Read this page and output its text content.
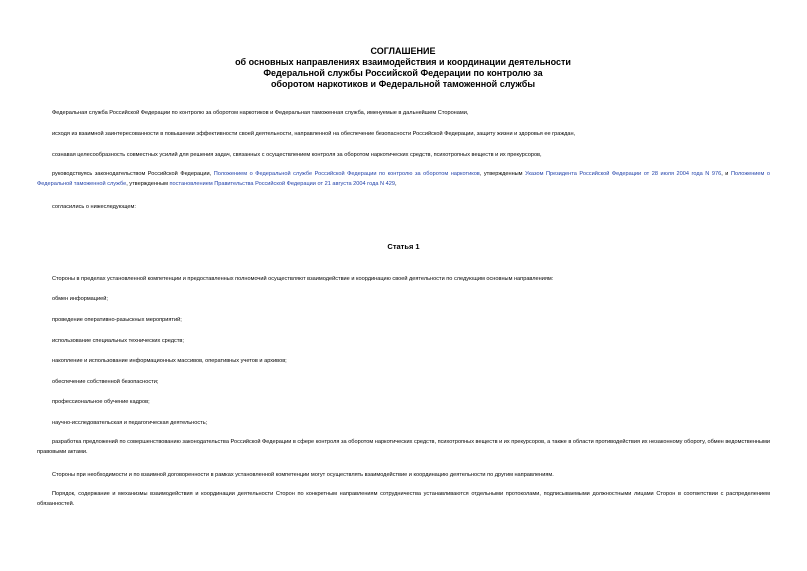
СОГЛАШЕНИЕ
об основных направлениях взаимодействия и координации деятельности
Федеральной службы Российской Федерации по контролю за
оборотом наркотиков и Федеральной таможенной службы
Федеральная служба Российской Федерации по контролю за оборотом наркотиков и Федеральная таможенная служба, именуемые в дальнейшем Сторонами,
исходя из взаимной заинтересованности в повышении эффективности своей деятельности, направленной на обеспечение безопасности Российской Федерации, защиту жизни и здоровья ее граждан,
сознавая целесообразность совместных усилий для решения задач, связанных с осуществлением контроля за оборотом наркотических средств, психотропных веществ и их прекурсоров,
руководствуясь законодательством Российской Федерации, Положением о Федеральной службе Российской Федерации по контролю за оборотом наркотиков, утвержденным Указом Президента Российской Федерации от 28 июля 2004 года N 976, и Положением о Федеральной таможенной службе, утвержденным постановлением Правительства Российской Федерации от 21 августа 2004 года N 429,
согласились о нижеследующем:
Статья 1
Стороны в пределах установленной компетенции и предоставленных полномочий осуществляют взаимодействие и координацию своей деятельности по следующим основным направлениям:
обмен информацией;
проведение оперативно-разыскных мероприятий;
использование специальных технических средств;
накопление и использование информационных массивов, оперативных учетов и архивов;
обеспечение собственной безопасности;
профессиональное обучение кадров;
научно-исследовательская и педагогическая деятельность;
разработка предложений по совершенствованию законодательства Российской Федерации в сфере контроля за оборотом наркотических средств, психотропных веществ и их прекурсоров, а также в области противодействия их незаконному обороту, обмен ведомственными правовыми актами.
Стороны при необходимости и по взаимной договоренности в рамках установленной компетенции могут осуществлять взаимодействие и координацию деятельности по другим направлениям.
Порядок, содержание и механизмы взаимодействия и координации деятельности Сторон по конкретным направлениям сотрудничества устанавливаются отдельными протоколами, подписываемыми должностными лицами Сторон в соответствии с распределением обязанностей.
